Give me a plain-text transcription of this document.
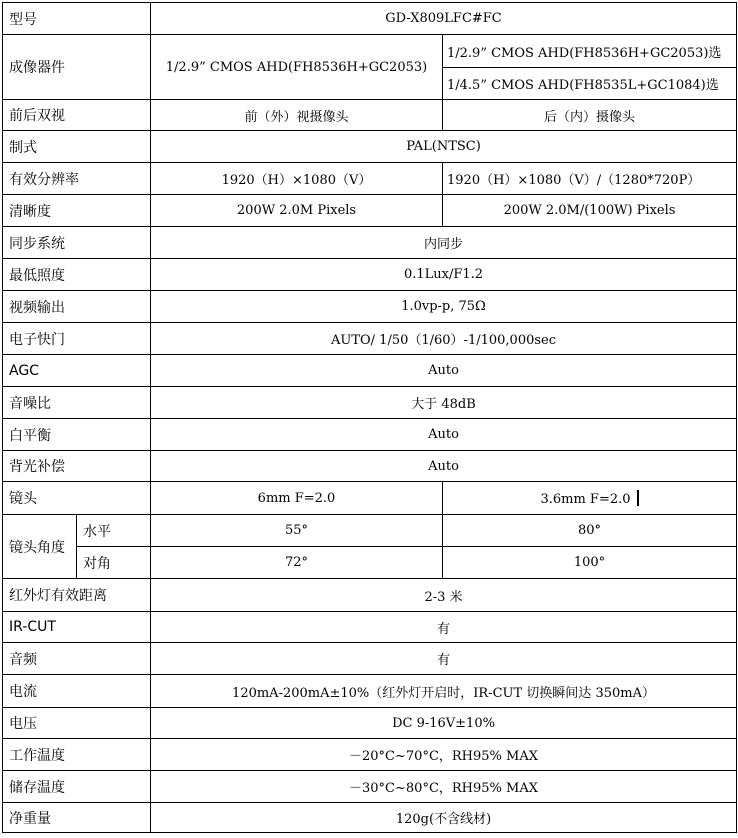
型号		GD-X809LFC#FC	
成像器件		1/2.9” CMOS AHD(FH8536H+GC2053)	1/2.9” CMOS AHD(FH8536H+GC2053)选
			1/4.5” CMOS AHD(FH8535L+GC1084)选
前后双视		前（外）视摄像头	后（内）摄像头
制式		PAL(NTSC)	
有效分辨率		1920（H）×1080（V）	1920（H）×1080（V）/（1280*720P）
清晰度		200W 2.0M Pixels	200W 2.0M/(100W) Pixels
同步系统		内同步	
最低照度		0.1Lux/F1.2	
视频输出		1.0vp-p, 75Ω	
电子快门		AUTO/ 1/50（1/60）-1/100,000sec	
AGC		Auto	
音噪比		大于 48dB	
白平衡		Auto	
背光补偿		Auto	
镜头		6mm F=2.0	3.6mm F=2.0
镜头角度	水平	55°	80°
	对角	72°	100°
红外灯有效距离		2-3 米	
IR-CUT		有	
音频		有	
电流		120mA-200mA±10%（红外灯开启时，IR-CUT 切换瞬间达 350mA）	
电压		DC 9-16V±10%	
工作温度		－20°C~70°C，RH95% MAX	
储存温度		－30°C~80°C，RH95% MAX	
净重量		120g(不含线材)	
